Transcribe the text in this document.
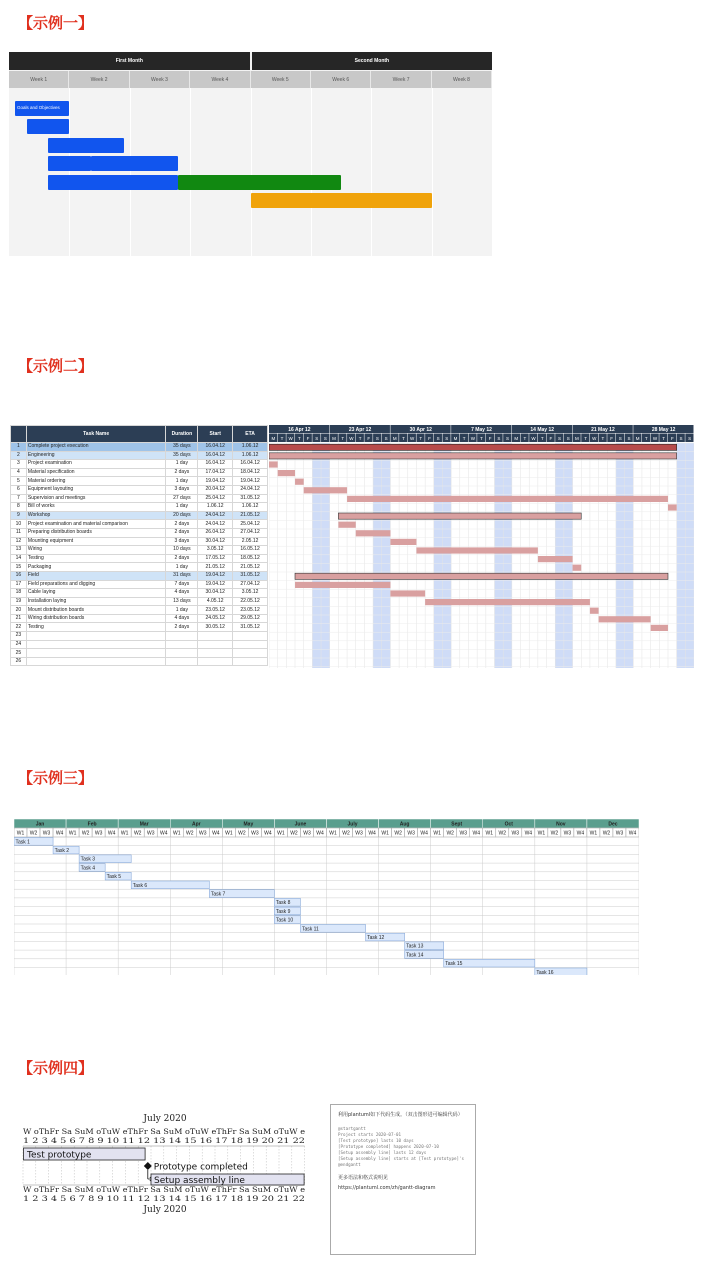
【示例一】
【示例二】
【示例三】
【示例四】
First Month	Second Month
Week 1	Week 2	Week 3	Week 4	Week 5	Week 6	Week 7	Week 8
Goals and Objectives
	Task Name	Duration	Start	ETA
1	Complete project execution	35 days	16.04.12	1.06.12
2	Engineering	35 days	16.04.12	1.06.12
3	Project examination	1 day	16.04.12	16.04.12
4	Material specification	2 days	17.04.12	18.04.12
5	Material ordering	1 day	19.04.12	19.04.12
6	Equipment layouting	3 days	20.04.12	24.04.12
7	Supervision and meetings	27 days	25.04.12	31.05.12
8	Bill of works	1 day	1.06.12	1.06.12
9	Workshop	20 days	24.04.12	21.05.12
10	Project examination and material comparison	2 days	24.04.12	25.04.12
11	Preparing distribution boards	2 days	26.04.12	27.04.12
12	Mounting equipment	3 days	30.04.12	2.05.12
13	Wiring	10 days	3.05.12	16.05.12
14	Testing	2 days	17.05.12	18.05.12
15	Packaging	1 day	21.05.12	21.05.12
16	Field	31 days	19.04.12	31.05.12
17	Field preparations and digging	7 days	19.04.12	27.04.12
18	Cable laying	4 days	30.04.12	3.05.12
19	Installation laying	13 days	4.05.12	22.05.12
20	Mount distribution boards	1 day	23.05.12	23.05.12
21	Wiring distribution boards	4 days	24.05.12	29.05.12
22	Testing	2 days	30.05.12	31.05.12
23				
24				
25				
26				
16 Apr 12
M T W T F S S
23 Apr 12
M T W T F S S
30 Apr 12
M T W T F S S
7 May 12
M T W T F S S
14 May 12
M T W T F S S
21 May 12
M T W T F S S
28 May 12
M T W T F S S
Jan
W1 W2 W3 W4
Feb
W1 W2 W3 W4
Mar
W1 W2 W3 W4
Apr
W1 W2 W3 W4
May
W1 W2 W3 W4
June
W1 W2 W3 W4
July
W1 W2 W3 W4
Aug
W1 W2 W3 W4
Sept
W1 W2 W3 W4
Oct
W1 W2 W3 W4
Nov
W1 W2 W3 W4
Dec
W1 W2 W3 W4
Task 1
Task 2
Task 3
Task 4
Task 5
Task 6
Task 7
Task 8
Task 9
Task 10
Task 11
Task 12
Task 13
Task 14
Task 15
Task 16
July 2020
W oThFr Sa SuM oTuW eThFr Sa SuM oTuW eThFr Sa SuM oTuW e
1 2 3 4 5 6 7 8 9 10 11 12 13 14 15 16 17 18 19 20 21 22
W oThFr Sa SuM oTuW eThFr Sa SuM oTuW eThFr Sa SuM oTuW e
1 2 3 4 5 6 7 8 9 10 11 12 13 14 15 16 17 18 19 20 21 22
Test prototype
Prototype completed
Setup assembly line
July 2020
利用plantuml如下代码生成。（双击图形进可编辑代码）
@startgantt
Project starts 2020-07-01
[Test prototype] lasts 10 days
[Prototype completed] happens 2020-07-10
[Setup assembly line] lasts 12 days
[Setup assembly line] starts at [Test prototype]'s
@endgantt
更多语法和格式说明见
https://plantuml.com/zh/gantt-diagram
